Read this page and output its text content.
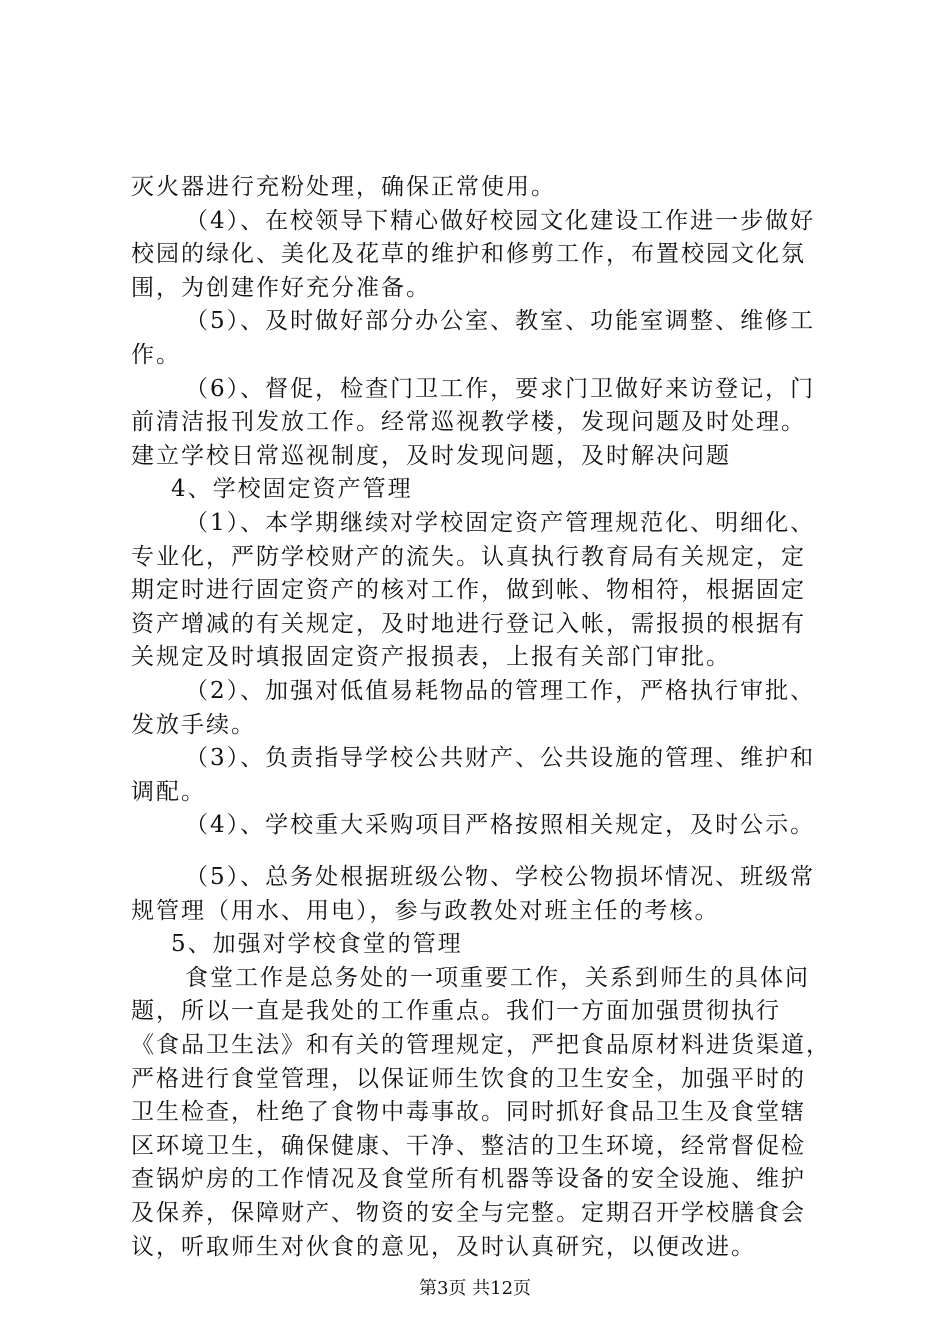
灭火器进行充粉处理，确保正常使用。
（4）、在校领导下精心做好校园文化建设工作进一步做好
校园的绿化、美化及花草的维护和修剪工作，布置校园文化氛
围，为创建作好充分准备。
（5）、及时做好部分办公室、教室、功能室调整、维修工
作。
（6）、督促，检查门卫工作，要求门卫做好来访登记，门
前清洁报刊发放工作。经常巡视教学楼，发现问题及时处理。
建立学校日常巡视制度，及时发现问题，及时解决问题
4、学校固定资产管理
（1）、本学期继续对学校固定资产管理规范化、明细化、
专业化，严防学校财产的流失。认真执行教育局有关规定，定
期定时进行固定资产的核对工作，做到帐、物相符，根据固定
资产增减的有关规定，及时地进行登记入帐，需报损的根据有
关规定及时填报固定资产报损表，上报有关部门审批。
（2）、加强对低值易耗物品的管理工作，严格执行审批、
发放手续。
（3）、负责指导学校公共财产、公共设施的管理、维护和
调配。
（4）、学校重大采购项目严格按照相关规定，及时公示。
（5）、总务处根据班级公物、学校公物损坏情况、班级常
规管理（用水、用电），参与政教处对班主任的考核。
5、加强对学校食堂的管理
食堂工作是总务处的一项重要工作，关系到师生的具体问
题，所以一直是我处的工作重点。我们一方面加强贯彻执行
《食品卫生法》和有关的管理规定，严把食品原材料进货渠道，
严格进行食堂管理，以保证师生饮食的卫生安全，加强平时的
卫生检查，杜绝了食物中毒事故。同时抓好食品卫生及食堂辖
区环境卫生，确保健康、干净、整洁的卫生环境，经常督促检
查锅炉房的工作情况及食堂所有机器等设备的安全设施、维护
及保养，保障财产、物资的安全与完整。定期召开学校膳食会
议，听取师生对伙食的意见，及时认真研究，以便改进。
第3页 共12页
